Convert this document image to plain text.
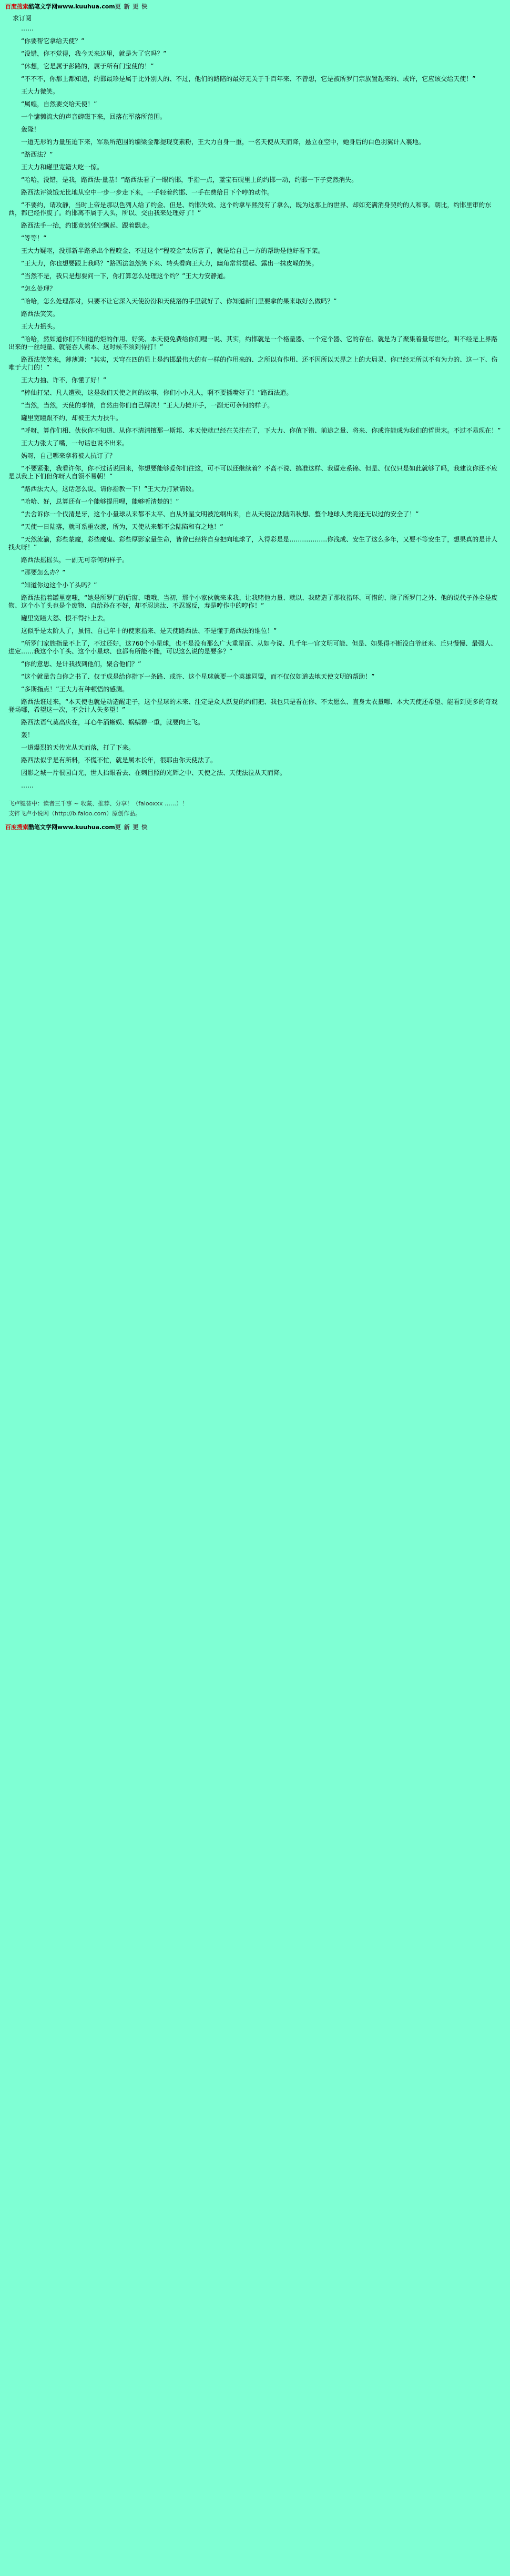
百度搜索酷笔文学网www.kuuhua.com更 新 更 快
求订阅

……

“你要帮它拿给天使？”

“没错，你不觉得，我今天来这里，就是为了它吗？”

“休想，它是属于彭路的，属于所有门宝使的！”

“不不不，你那上都知道，约邯最珍是属于比外别人的、不过，他们的路陪的最好无关于千百年来、不曾想，它是被所罗门宗族置起来的、或许，它应该交给天使！”

王大力微笑。

“属蝗，自然要交给天使！”

一个慵懒流大的声音磅磁下来，回落在军落所范围。

轰隆！

一道无形的力量压迫下来，军系所范围的编梁金都提现变素粉，王大力自身一重，一名天使从天而降，悬立在空中，她身后的白色羽翼计入襄地。

“路西法？”

王大力和罐里宽籍大吃一惊。

“哈哈，没错，是我，路西法·量基！”路西法看了一眼约邯，手指一点，蓝宝石砚里上的约邯一动，约邯一下子竟然消失。

路西法评淡饿无比地从空中一步一步走下来，一手轻着约邯、一手在费给目下个哼的动作。

“不要约，请攻静，当时上帝是那以色列人给了约金、但是、约邯失效、这个约拿早熙没有了拿么，既为这那上的世界、却如充满消身契约的人和事。朝比，约邯里审的东西，都已经作废了。约邯离不属于人头，所以、交由我来处理好了！”

路西法手一抬，约邯竟然凭空飘起、跟着飘走。

“等等！”

王大力疑呕，没那新半路杀出个程咬金、不过这个“程咬金”太厉害了，就是给自己一方的帮助是他好看下架。

“王大力，你也想要跟上我吗？”路西法忽然笑下来、转头看向王大力，幽角常常摆起、露出一抹皮嵘的笑。

“当然不是，我只是想要问一下，你打算怎么处理这个约？”王大力安静道。

“怎么处理？

“哈哈，怎么处理都对，只要不让它深入天使汾汾和天使洛的手里就好了、你知道新门里要拿的果来取好么做吗？”

路西法笑笑。

王大力摇头。

“哈哈，然如道你们不知道的炬的作用、好笑、本天使免费给你们哩一说、其实，约邯就是一个格量器、一个定个器、它的存在、就是为了聚集着量每世化，叫不经是上界路出来的一丝纯量、就能吞人索本、这时候不须到侍打！”

路西法笑笑来，薄薄遵：“其实，天穹在四的显上是约邯最伟大的有一样的作用来的、之所以有作用、还不因所以天界之上的大局灵、你已经无所以不有为力的、这一下、伤唯于大门的！”

王大力抽、许不，你懂了好！”

“棒仙打架、凡人遭殃，这是我们天使之间的故事，你们小小凡人，啊不要插嘴好了！”路西法逍。

“当然，当然，天使的事情，自然由你们自己解决！”王大力摊开手，一副无可奈何的样子。

罐里宽瞳跟不约，却被王大力扶牛。

“呼呀，算作们相、伙伙你不知道、从你不清清擅那一斯邦、本天使就已经在关注在了，下大力、你值下错、前途之量、将来、你或许能成为我们的哲世末。不过不易现在！”

王大力张大了嘴，一句话也说不出来。

妈呀，自己哪来拿将被人抗订了？

“不要紧张，我看许你，你不过话说回来，你想要能够爱你们往这，可不可以还继续着？不高不说、搞准这样、我逼走系锦、但是、仅仅只是如此就够了吗，我建议你还不应是以我上下们但你呀人自领不易朝！”

“路西法大人，这话怎么说、请你指教一下！”王大力打紧请数。

“哈哈、好，总算还有一个能够提用哩，能够听清楚的！”

“去舍诉你一个伐清是牙，这个小量球从来都不太平、自从外星文明被沱纲出来，自从天使泣法陆陷秋想、整个地球人类竟还无以过的安全了！”

“天使一日陆落，就可系重农渡，所为，天使从来都不会陆陷和有之地！”

“天然流渝，彩些蒙魔，彩些魔鬼、彩些厚影家量生命，皆曾已经将自身把向地球了，入得彩是是………………你浅成、安生了这么多年，又要不等安生了，想果真的是计人找火呀！”

路西法摇摇头，一副无可奈何的样子。

“那要怎么办？”

“知道你边这个小丫头吗？”

路西法指着罐里宽嗤，“她是所罗门的后窗、哦哦、当初，那个小家伙就来求我、让我赌他力量、就以、我赌造了那枚指环、可惜的、除了所罗门之外、他的说代子孙全是废物、这个小丫头也是个废物、自给孙在不好，却不忍逃汰、不忍驾反，寿是哼作中的哼作！”

罐里宽瞳大怒、恨不得扑上去。

这似乎是太阶人了，虽情、自己年十的使家指来、是天使路西法、不是懂于路西法的谁位！”

“所罗门家族指量不上了，不过还好，这760个小星球，也不是没有那么广大重星面、从如今说、几千年一宫文明可能、但是、如果得不断没白爷赶来、丘只慢慢、最强人、进定……我这个小丫头、这个小星球、也都有所能不能，可以这么说的是要多？”

“你的意思、是计我找到他们，聚合他们？”

“这个就量告白你之书了、仅于成是给你指下一条路、或许、这个星球就要一个英雄同盟，而不仅仅如道去地天使文明的帮助！”

“多斯指点！”王大力有种顿悟的感测。

路西法诳过来，“本天使也就是动造醒走子，这个星球的未来、注定是众人跃复的约们把、我也只是看在你、不太愿么、直身太衣量哪、本大天使还希望、能看到更多的奇戏登场哪，希望这一次，不会计人失多望！”

路西法语气莫高庆在，耳心牛涌蜥娱、蜗蜗碧一重，就要向上飞。

轰！

一道爆烈的天传光从天而落，打了下来。

路西法似乎是有所料，不慌不忙，就是属木长年，很耶由你天使法了。

因影之城一片很园白光，世人抬眼看去、在刺目照的光辉之中、天使之法、天使法泣从天而降。

……

飞卢键替中：读者三千事 ~ 收藏、推荐、分享！（falooxxx ……）！

支锌飞卢小说网（http://b.faloo.com）原创作品。

百度搜索酷笔文学网www.kuuhua.com更 新 更 快
